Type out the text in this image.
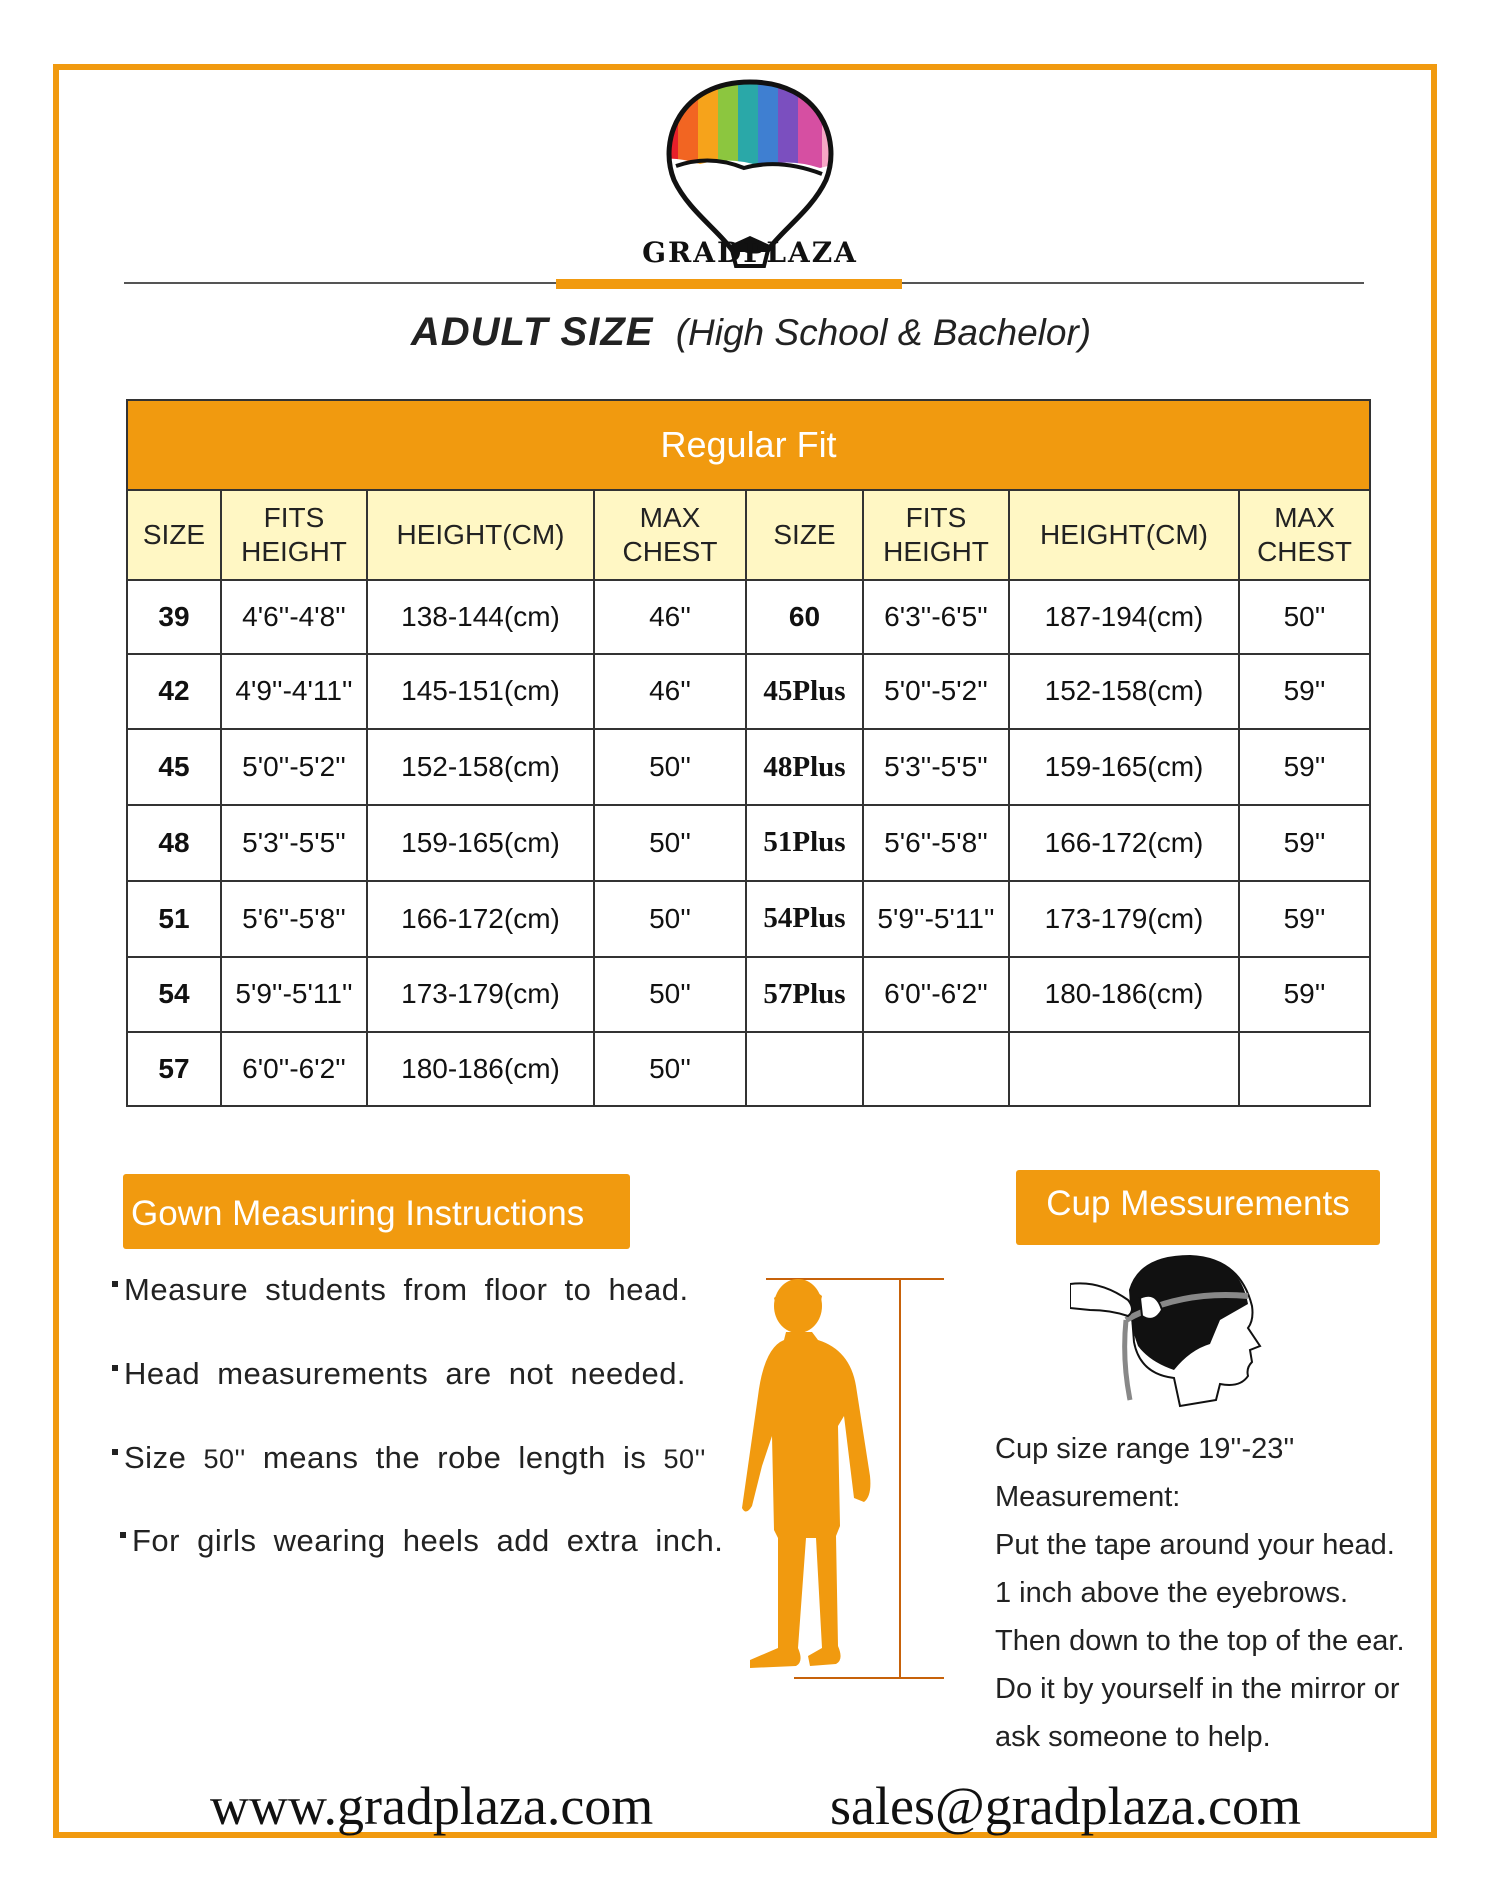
GRADPLAZA
ADULT SIZE (High School & Bachelor)
Regular Fit							
SIZE	FITS HEIGHT	HEIGHT(CM)	MAX CHEST	SIZE	FITS HEIGHT	HEIGHT(CM)	MAX CHEST
39	4'6''-4'8''	138-144(cm)	46''	60	6'3''-6'5''	187-194(cm)	50''
42	4'9''-4'11''	145-151(cm)	46''	45Plus	5'0''-5'2''	152-158(cm)	59''
45	5'0''-5'2''	152-158(cm)	50''	48Plus	5'3''-5'5''	159-165(cm)	59''
48	5'3''-5'5''	159-165(cm)	50''	51Plus	5'6''-5'8''	166-172(cm)	59''
51	5'6''-5'8''	166-172(cm)	50''	54Plus	5'9''-5'11''	173-179(cm)	59''
54	5'9''-5'11''	173-179(cm)	50''	57Plus	6'0''-6'2''	180-186(cm)	59''
57	6'0''-6'2''	180-186(cm)	50''				
Gown Measuring Instructions
Measure students from floor to head.
Head measurements are not needed.
Size 50'' means the robe length is 50''
For girls wearing heels add extra inch.
Cup Messurements
Cup size range 19''-23''
Measurement:
Put the tape around your head.
1 inch above the eyebrows.
Then down to the top of the ear.
Do it by yourself in the mirror or
ask someone to help.
www.gradplaza.com	sales@gradplaza.com
